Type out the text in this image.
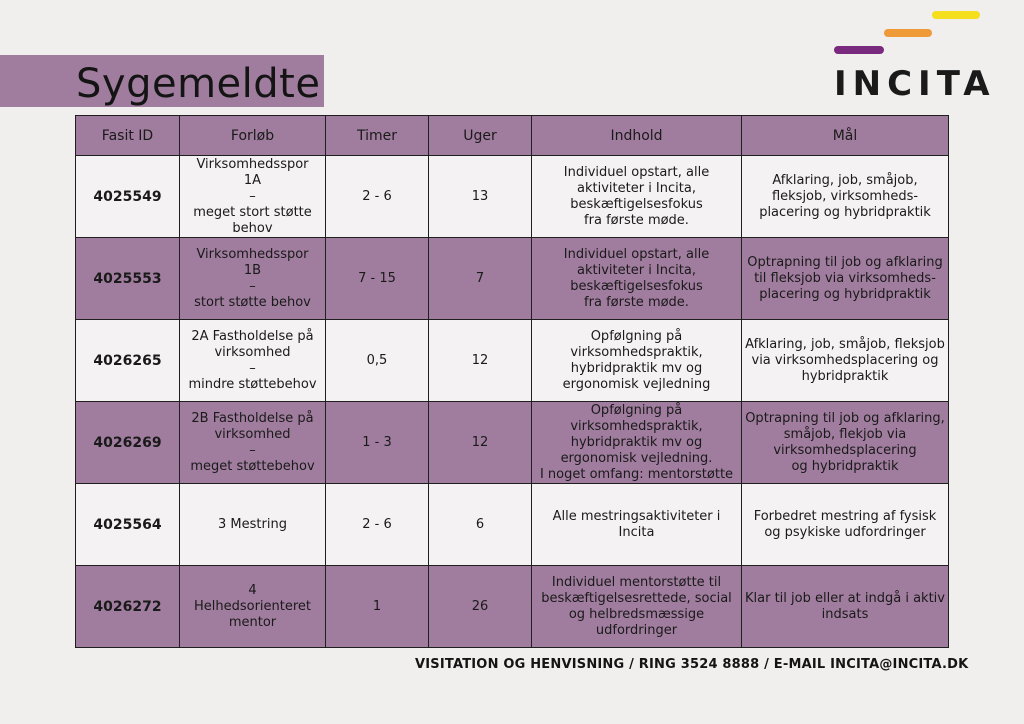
Sygemeldte	INCITA
Fasit ID	Forløb	Timer	Uger	Indhold	Mål
4025549	Virksomhedsspor
1A
–
meget stort støtte
behov	2 - 6	13	Individuel opstart, alle
aktiviteter i Incita,
beskæftigelsesfokus
fra første møde.	Afklaring, job, småjob,
fleksjob, virksomheds-
placering og hybridpraktik
4025553	Virksomhedsspor
1B
–
stort støtte behov	7 - 15	7	Individuel opstart, alle
aktiviteter i Incita,
beskæftigelsesfokus
fra første møde.	Optrapning til job og afklaring
til fleksjob via virksomheds-
placering og hybridpraktik
4026265	2A Fastholdelse på
virksomhed
–
mindre støttebehov	0,5	12	Opfølgning på
virksomhedspraktik,
hybridpraktik mv og
ergonomisk vejledning	Afklaring, job, småjob, fleksjob
via virksomhedsplacering og
hybridpraktik
4026269	2B Fastholdelse på
virksomhed
–
meget støttebehov	1 - 3	12	Opfølgning på
virksomhedspraktik,
hybridpraktik mv og
ergonomisk vejledning.
I noget omfang: mentorstøtte	Optrapning til job og afklaring,
småjob, flekjob via
virksomhedsplacering
og hybridpraktik
4025564	3 Mestring	2 - 6	6	Alle mestringsaktiviteter i
Incita	Forbedret mestring af fysisk
og psykiske udfordringer
4026272	4
Helhedsorienteret
mentor	1	26	Individuel mentorstøtte til
beskæftigelsesrettede, social
og helbredsmæssige
udfordringer	Klar til job eller at indgå i aktiv
indsats
VISITATION OG HENVISNING / RING 3524 8888 / E-MAIL INCITA@INCITA.DK
